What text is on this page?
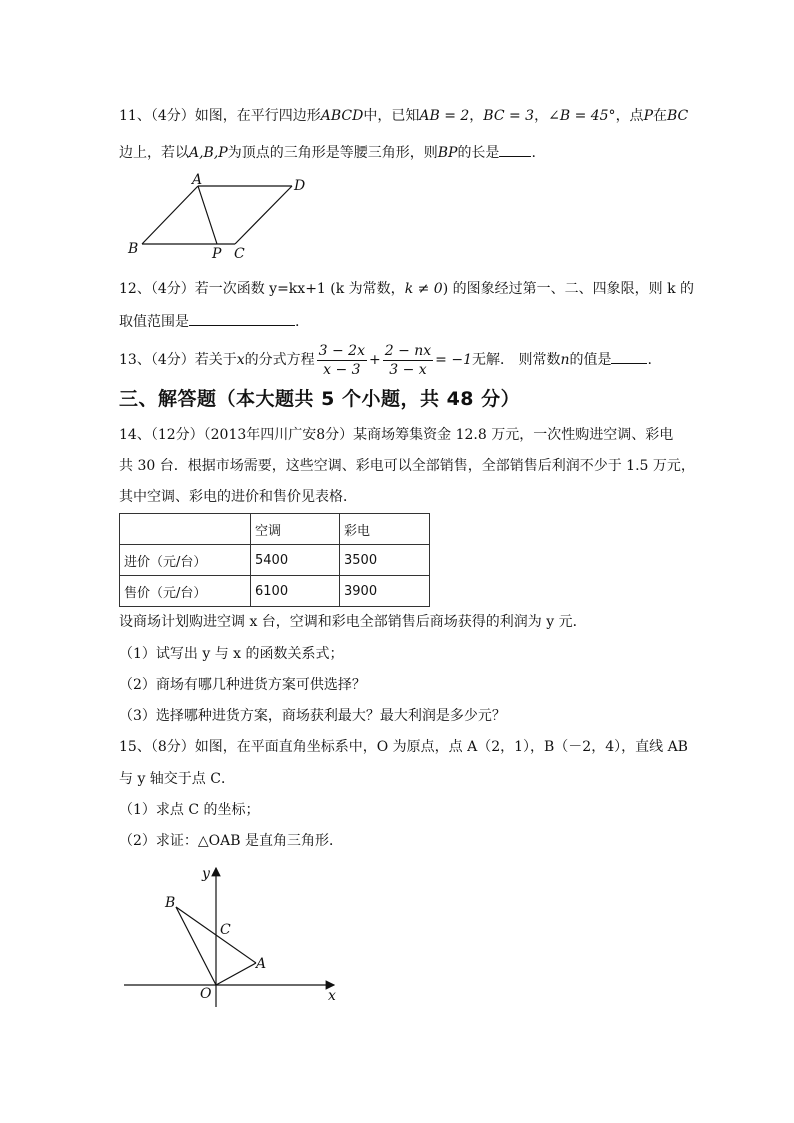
11、（4分）如图，在平行四边形ABCD中，已知AB = 2，BC = 3，∠B = 45°，点P在BC
边上，若以A,B,P为顶点的三角形是等腰三角形，则BP的长是 .
A	D
B	P C
12、（4分）若一次函数 y=kx+1 (k 为常数，k ≠ 0) 的图象经过第一、二、四象限，则 k 的
取值范围是	.
13、（4分）若关于x的分式方程 $\frac{3 - 2x}{x - 3} + \frac{2 - nx}{3 - x} = -1$无解． 则常数n的值是	.
三、解答题（本大题共 5 个小题，共 48 分）
14、（12分）（2013年四川广安8分）某商场筹集资金 12.8 万元，一次性购进空调、彩电
共 30 台．根据市场需要，这些空调、彩电可以全部销售，全部销售后利润不少于 1.5 万元，
其中空调、彩电的进价和售价见表格．
	空调	彩电
进价（元/台）	5400	3500
售价（元/台）	6100	3900
设商场计划购进空调 x 台，空调和彩电全部销售后商场获得的利润为 y 元．
（1）试写出 y 与 x 的函数关系式；
（2）商场有哪几种进货方案可供选择？
（3）选择哪种进货方案，商场获利最大？最大利润是多少元？
15、（8分）如图，在平面直角坐标系中，O 为原点，点 A（2，1），B（－2，4），直线 AB
与 y 轴交于点 C．
（1）求点 C 的坐标；
（2）求证：△OAB 是直角三角形．
y
x
O
A
B
C
